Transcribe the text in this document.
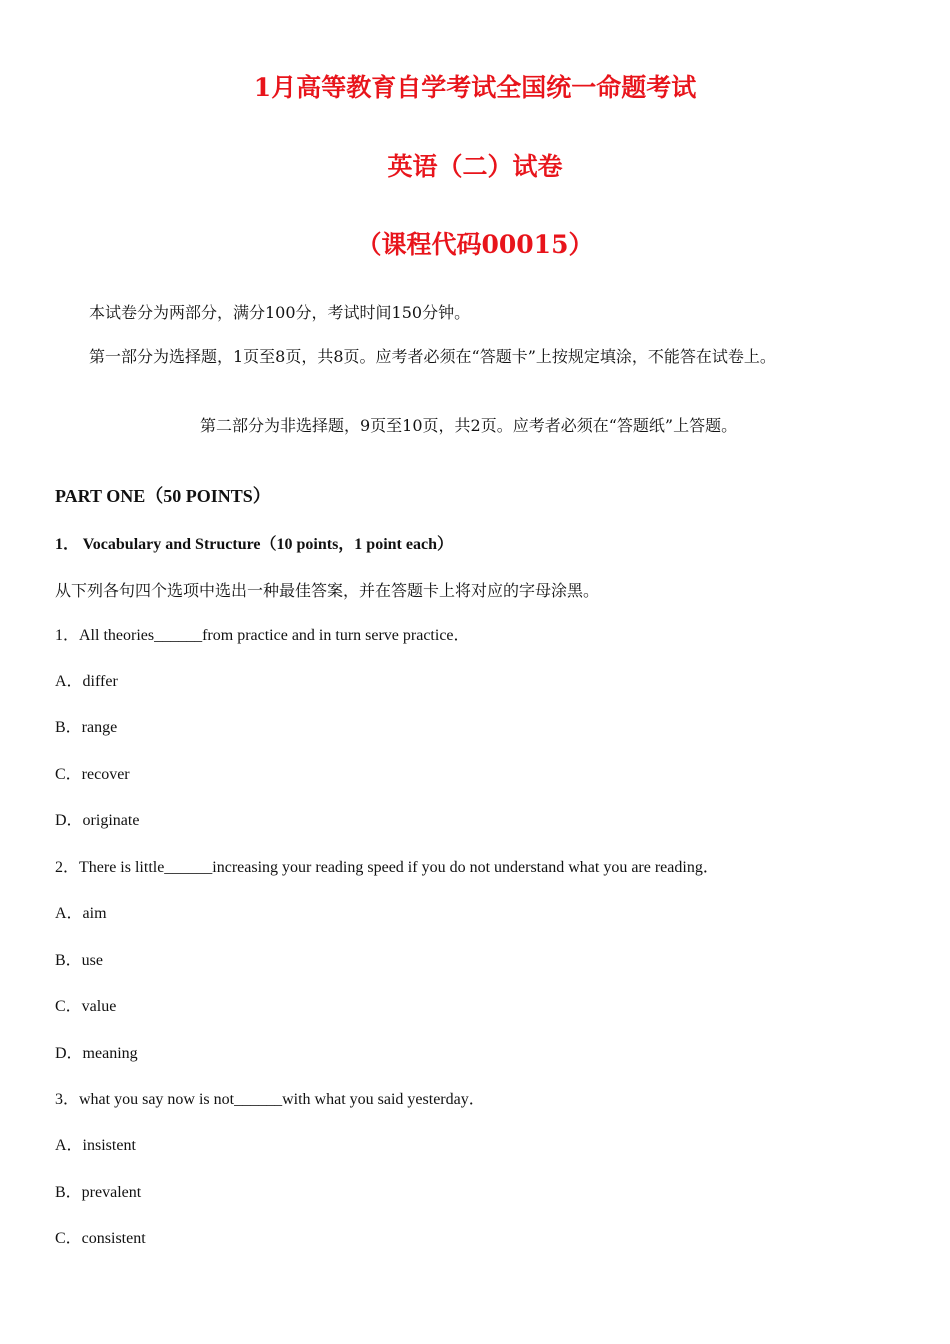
1月高等教育自学考试全国统一命题考试
英语（二）试卷
（课程代码00015）
本试卷分为两部分，满分100分，考试时间150分钟。
第一部分为选择题，1页至8页，共8页。应考者必须在“答题卡”上按规定填涂，不能答在试卷上。
第二部分为非选择题，9页至10页，共2页。应考者必须在“答题纸”上答题。
PART ONE（50 POINTS）
1． Vocabulary and Structure（10 points，1 point each）
从下列各句四个选项中选出一种最佳答案，并在答题卡上将对应的字母涂黑。
1．All theories______from practice and in turn serve practice．
A．differ
B．range
C．recover
D．originate
2．There is little______increasing your reading speed if you do not understand what you are reading．
A．aim
B．use
C．value
D．meaning
3．what you say now is not______with what you said yesterday．
A．insistent
B．prevalent
C．consistent
